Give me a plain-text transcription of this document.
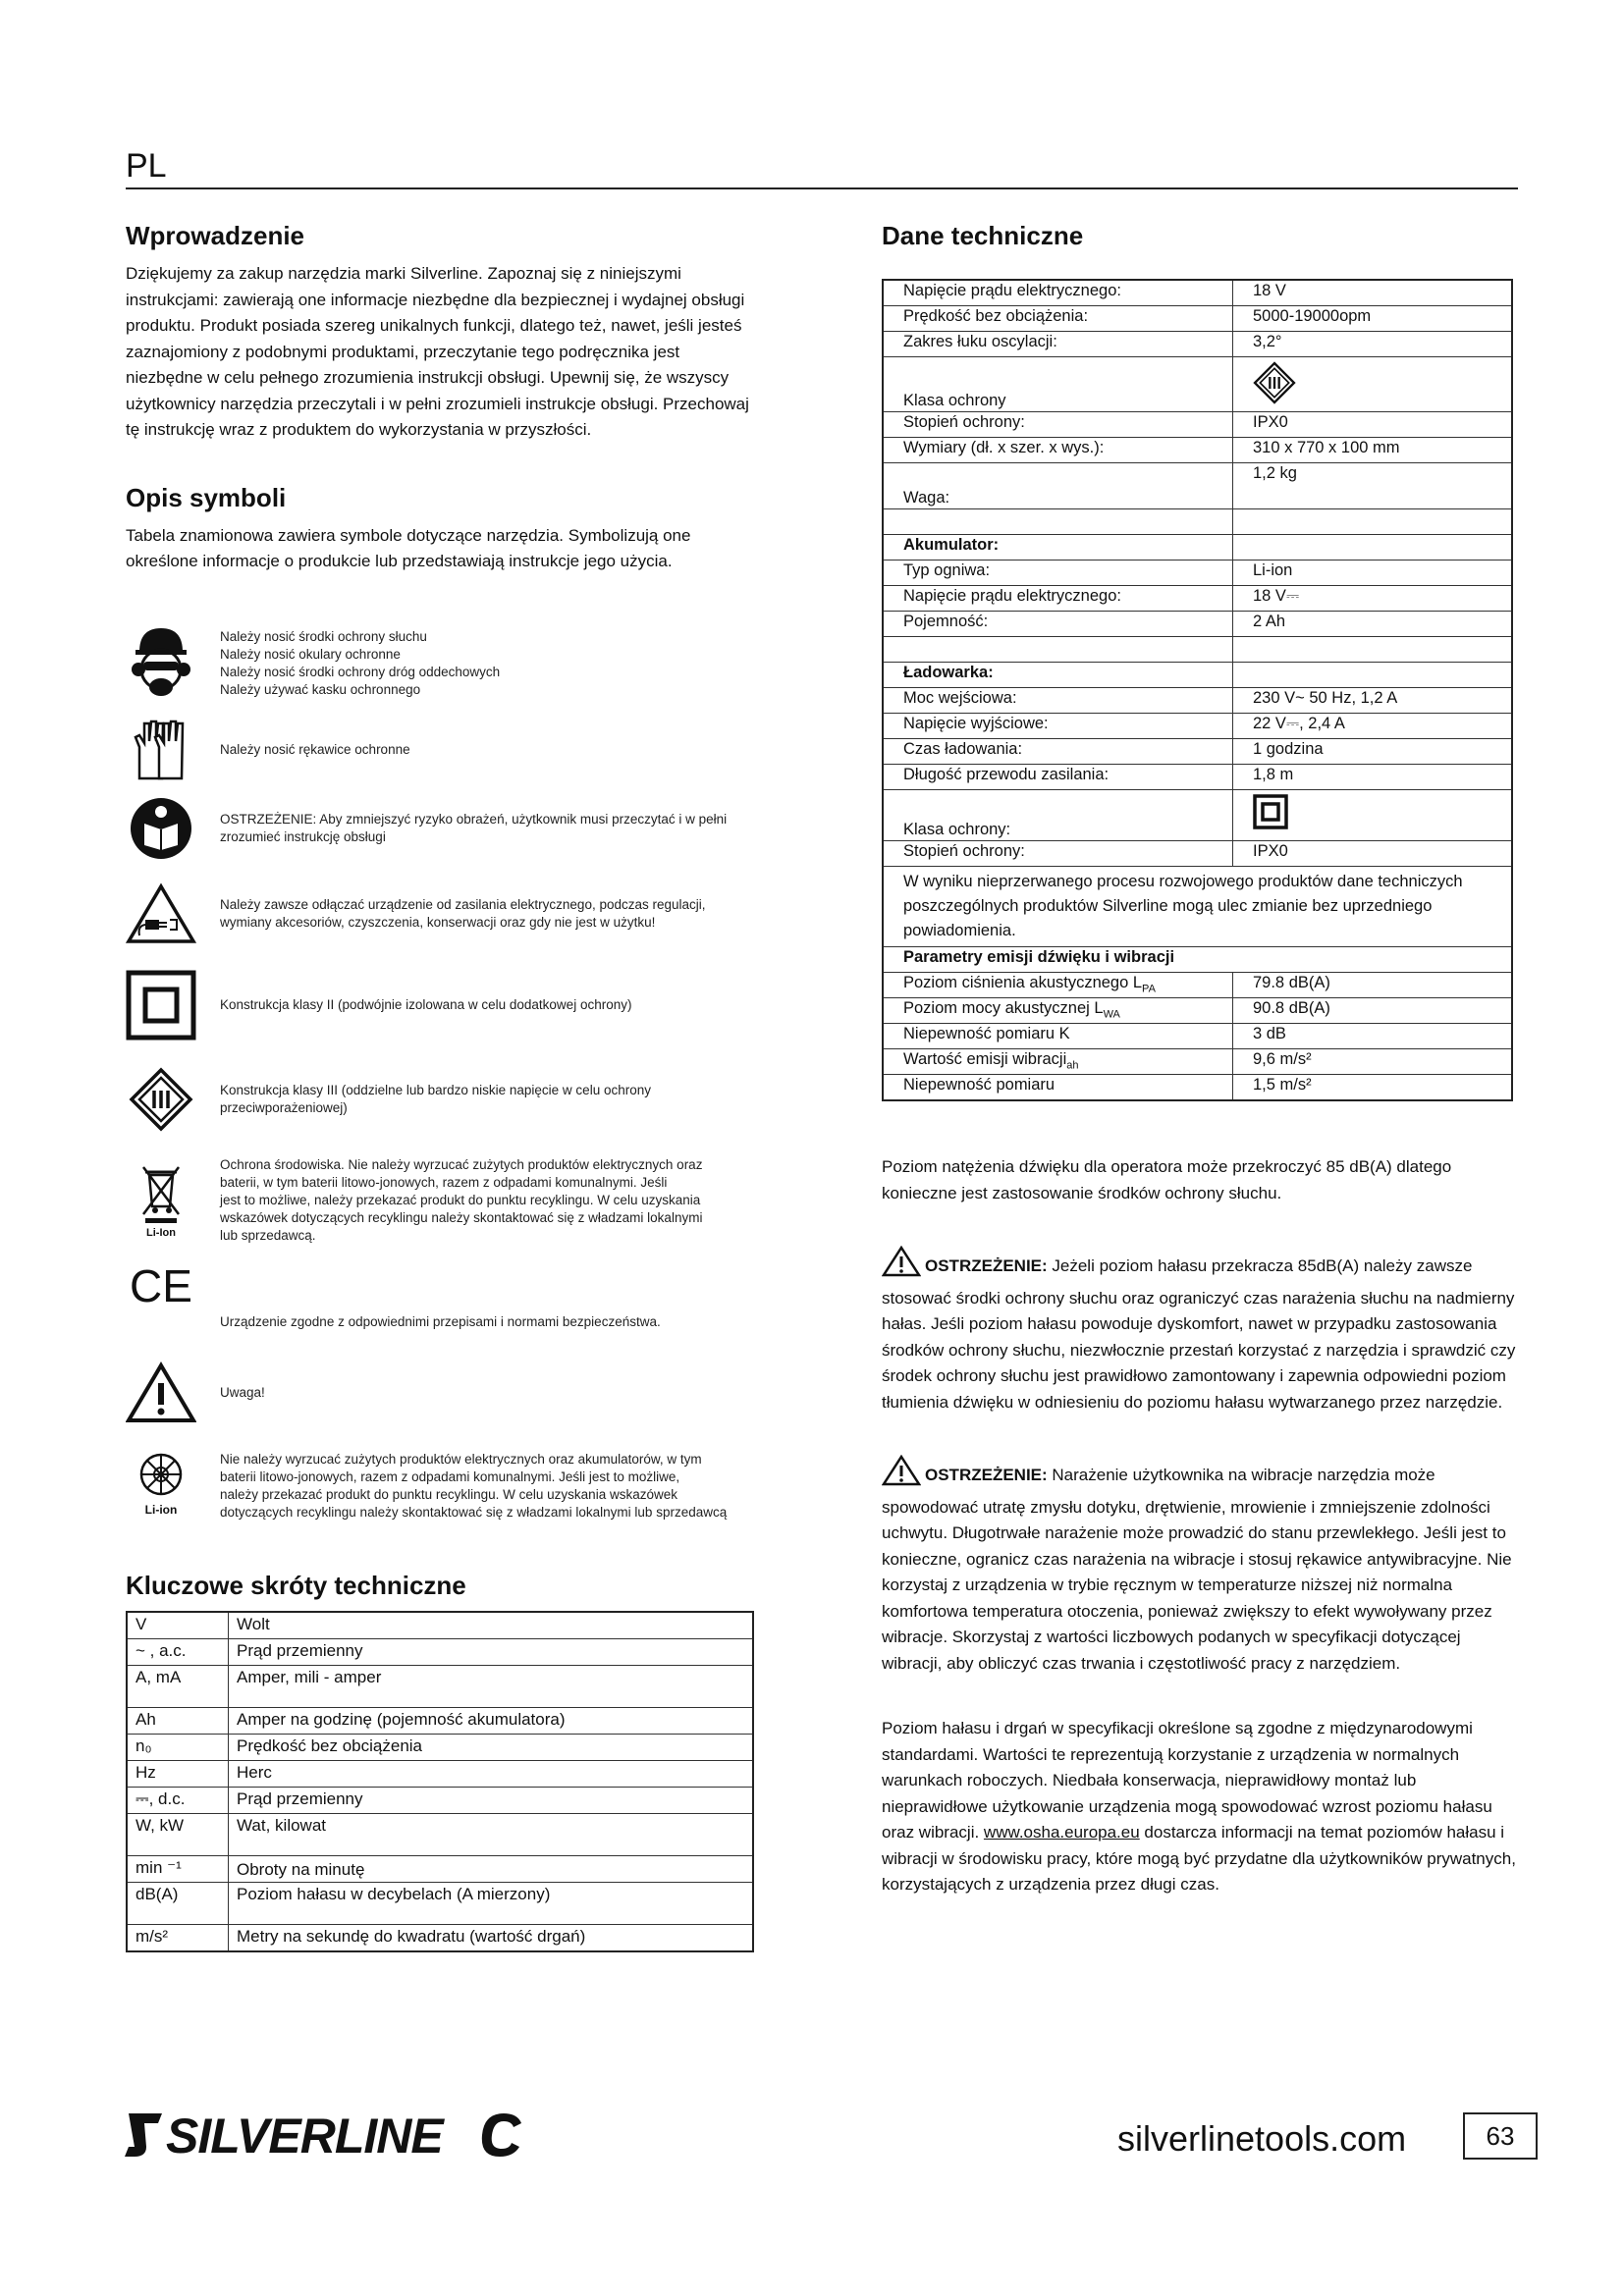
PL
Wprowadzenie

Dziękujemy za zakup narzędzia marki Silverline. Zapoznaj się z niniejszymi instrukcjami: zawierają one informacje niezbędne dla bezpiecznej i wydajnej obsługi produktu. Produkt posiada szereg unikalnych funkcji, dlatego też, nawet, jeśli jesteś zaznajomiony z podobnymi produktami, przeczytanie tego podręcznika jest niezbędne w celu pełnego zrozumienia instrukcji obsługi. Upewnij się, że wszyscy użytkownicy narzędzia przeczytali i w pełni zrozumieli instrukcje obsługi. Przechowaj tę instrukcję wraz z produktem do wykorzystania w przyszłości.

Opis symboli

Tabela znamionowa zawiera symbole dotyczące narzędzia. Symbolizują one określone informacje o produkcie lub przedstawiają instrukcje jego użycia.

Należy nosić środki ochrony słuchu
Należy nosić okulary ochronne
Należy nosić środki ochrony dróg oddechowych
Należy używać kasku ochronnego
Należy nosić rękawice ochronne
OSTRZEŻENIE: Aby zmniejszyć ryzyko obrażeń, użytkownik musi przeczytać i w pełni
zrozumieć instrukcję obsługi
Należy zawsze odłączać urządzenie od zasilania elektrycznego, podczas regulacji,
wymiany akcesoriów, czyszczenia, konserwacji oraz gdy nie jest w użytku!
Konstrukcja klasy II (podwójnie izolowana w celu dodatkowej ochrony)
Konstrukcja klasy III (oddzielne lub bardzo niskie napięcie w celu ochrony
przeciwporażeniowej)
Li-Ion
Ochrona środowiska. Nie należy wyrzucać zużytych produktów elektrycznych oraz
baterii, w tym baterii litowo-jonowych, razem z odpadami komunalnymi. Jeśli
jest to możliwe, należy przekazać produkt do punktu recyklingu. W celu uzyskania
wskazówek dotyczących recyklingu należy skontaktować się z władzami lokalnymi
lub sprzedawcą.
CE
Urządzenie zgodne z odpowiednimi przepisami i normami bezpieczeństwa.
Uwaga!
Li-ion
Nie należy wyrzucać zużytych produktów elektrycznych oraz akumulatorów, w tym
baterii litowo-jonowych, razem z odpadami komunalnymi. Jeśli jest to możliwe,
należy przekazać produkt do punktu recyklingu. W celu uzyskania wskazówek
dotyczących recyklingu należy skontaktować się z władzami lokalnymi lub sprzedawcą
Kluczowe skróty techniczne
V	Wolt
~ , a.c.	Prąd przemienny
A, mA	Amper, mili - amper
Ah	Amper na godzinę (pojemność akumulatora)
n₀	Prędkość bez obciążenia
Hz	Herc
⎓, d.c.	Prąd przemienny
W, kW	Wat, kilowat
min ⁻¹	Obroty na minutę
dB(A)	Poziom hałasu w decybelach (A mierzony)
m/s²	Metry na sekundę do kwadratu (wartość drgań)
Dane techniczne
Napięcie prądu elektrycznego:	18 V
Prędkość bez obciążenia:	5000-19000opm
Zakres łuku oscylacji:	3,2°
Klasa ochrony	
Stopień ochrony:	IPX0
Wymiary (dł. x szer. x wys.):	310 x 770 x 100 mm
Waga:	1,2 kg

Akumulator:	
Typ ogniwa:	Li-ion
Napięcie prądu elektrycznego:	18 V⎓
Pojemność:	2 Ah

Ładowarka:	
Moc wejściowa:	230 V~ 50 Hz, 1,2 A
Napięcie wyjściowe:	22 V⎓, 2,4 A
Czas ładowania:	1 godzina
Długość przewodu zasilania:	1,8 m
Klasa ochrony:	
Stopień ochrony:	IPX0
W wyniku nieprzerwanego procesu rozwojowego produktów dane techniczych poszczególnych produktów Silverline mogą ulec zmianie bez uprzedniego powiadomienia.	
Parametry emisji dźwięku i wibracji	
Poziom ciśnienia akustycznego $L_{PA}$	79.8 dB(A)
Poziom mocy akustycznej $L_{WA}$	90.8 dB(A)
Niepewność pomiaru K	3 dB
Wartość emisji wibracji$_{ah}$	9,6 m/s²
Niepewność pomiaru	1,5 m/s²

Poziom natężenia dźwięku dla operatora może przekroczyć 85 dB(A) dlatego konieczne jest zastosowanie środków ochrony słuchu.

OSTRZEŻENIE: Jeżeli poziom hałasu przekracza 85dB(A) należy zawsze stosować środki ochrony słuchu oraz ograniczyć czas narażenia słuchu na nadmierny hałas. Jeśli poziom hałasu powoduje dyskomfort, nawet w przypadku zastosowania środków ochrony słuchu, niezwłocznie przestań korzystać z narzędzia i sprawdzić czy środek ochrony słuchu jest prawidłowo zamontowany i zapewnia odpowiedni poziom tłumienia dźwięku w odniesieniu do poziomu hałasu wytwarzanego przez narzędzie.

OSTRZEŻENIE: Narażenie użytkownika na wibracje narzędzia może spowodować utratę zmysłu dotyku, drętwienie, mrowienie i zmniejszenie zdolności uchwytu. Długotrwałe narażenie może prowadzić do stanu przewlekłego. Jeśli jest to konieczne, ogranicz czas narażenia na wibracje i stosuj rękawice antywibracyjne. Nie korzystaj z urządzenia w trybie ręcznym w temperaturze niższej niż normalna komfortowa temperatura otoczenia, ponieważ zwiększy to efekt wywoływany przez wibracje. Skorzystaj z wartości liczbowych podanych w specyfikacji dotyczącej wibracji, aby obliczyć czas trwania i częstotliwość pracy z narzędziem.

Poziom hałasu i drgań w specyfikacji określone są zgodne z międzynarodowymi standardami. Wartości te reprezentują korzystanie z urządzenia w normalnych warunkach roboczych. Niedbała konserwacja, nieprawidłowy montaż lub nieprawidłowe użytkowanie urządzenia mogą spowodować wzrost poziomu hałasu oraz wibracji. www.osha.europa.eu dostarcza informacji na temat poziomów hałasu i wibracji w środowisku pracy, które mogą być przydatne dla użytkowników prywatnych, korzystających z urządzenia przez długi czas.

SILVERLINE	silverlinetools.com	63
